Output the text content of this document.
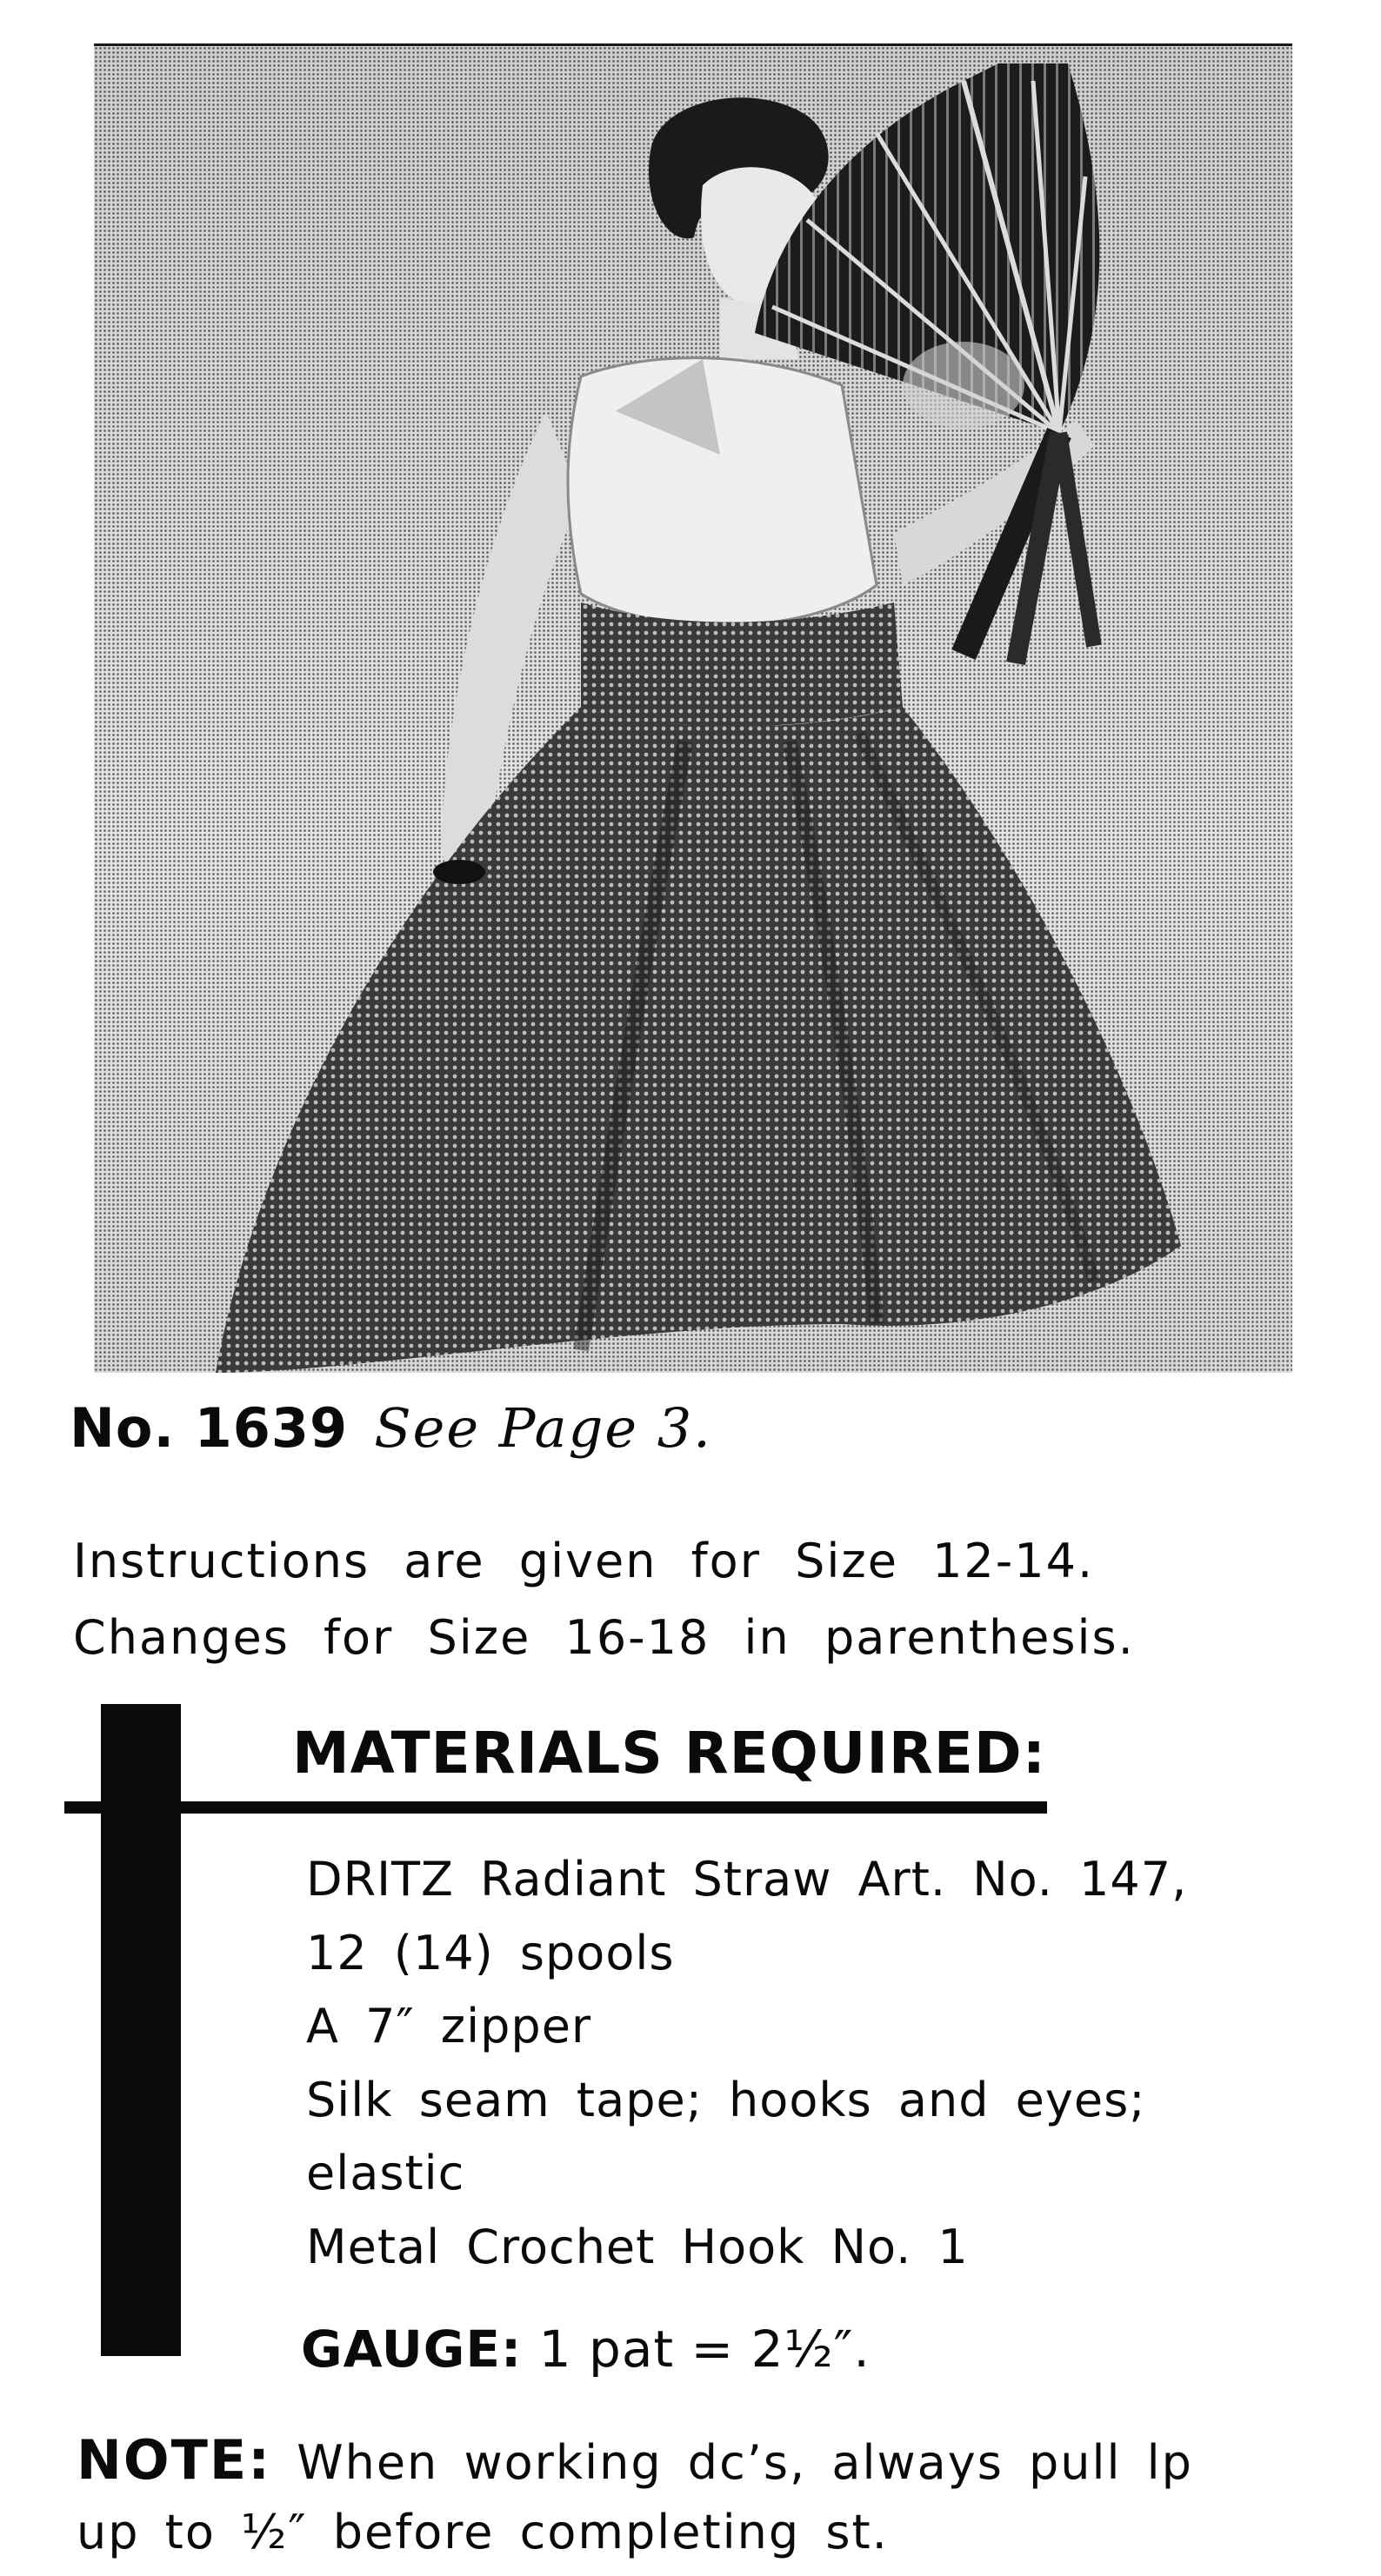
No. 1639 See Page 3.
Instructions are given for Size 12-14.
Changes for Size 16-18 in parenthesis.
MATERIALS REQUIRED:
DRITZ Radiant Straw Art. No. 147,
12 (14) spools
A 7″ zipper
Silk seam tape; hooks and eyes;
elastic
Metal Crochet Hook No. 1
GAUGE: 1 pat = 2½″.
NOTE: When working dc’s, always pull lp
up to ½″ before completing st.
